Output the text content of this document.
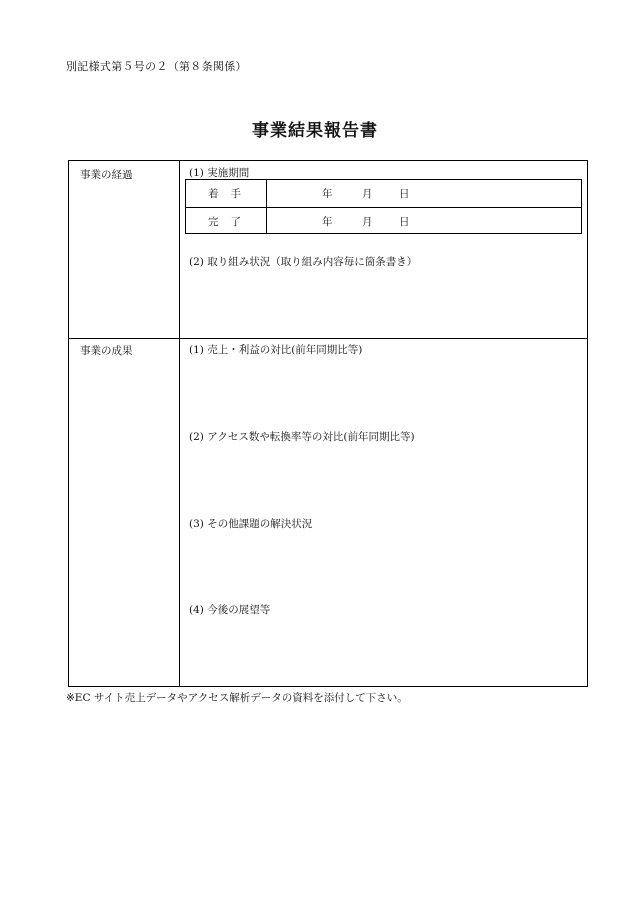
別記様式第５号の２（第８条関係）
事業結果報告書
事業の経過	(1) 実施期間
着手	年	月	日
完了	年	月	日
(2) 取り組み状況（取り組み内容毎に箇条書き）
事業の成果	(1) 売上・利益の対比(前年同期比等)
(2) アクセス数や転換率等の対比(前年同期比等)
(3) その他課題の解決状況
(4) 今後の展望等
※EC サイト売上データやアクセス解析データの資料を添付して下さい。
